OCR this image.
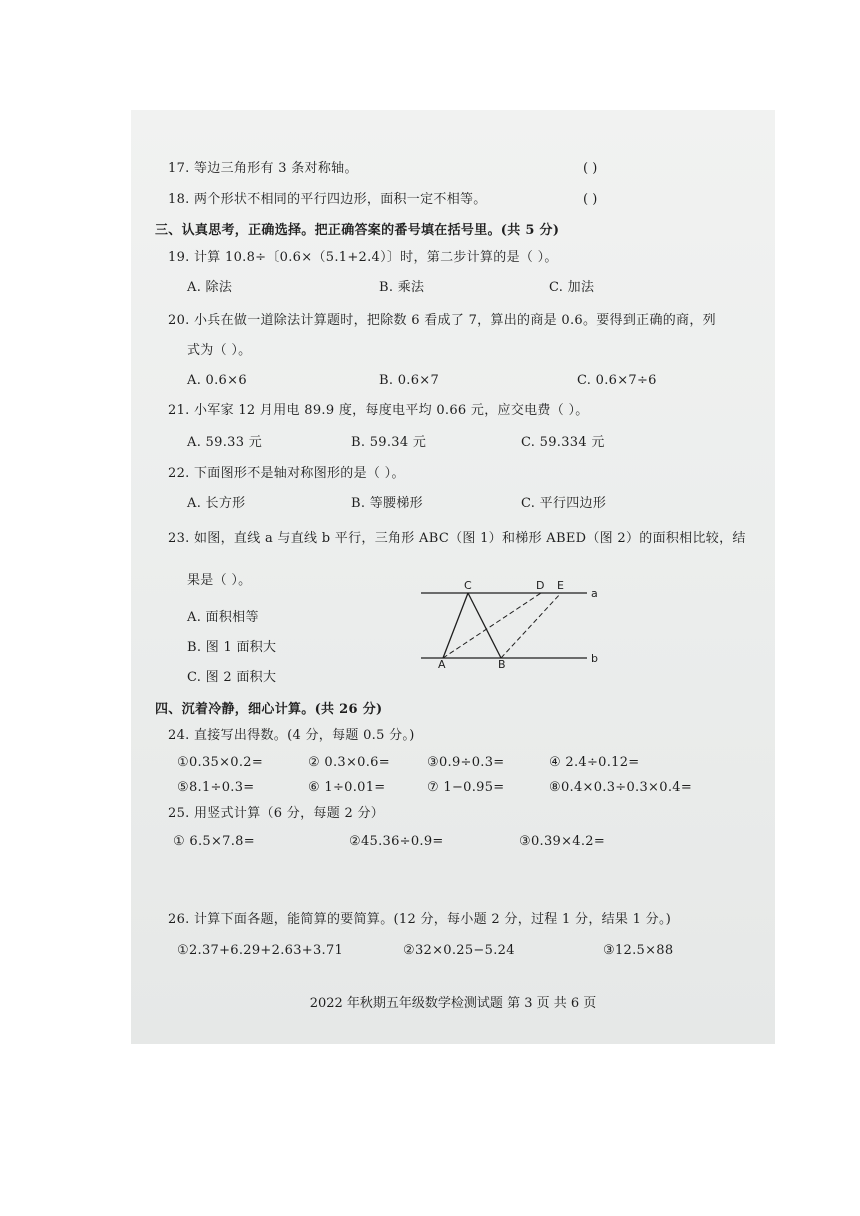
17. 等边三角形有 3 条对称轴。	( )
18. 两个形状不相同的平行四边形，面积一定不相等。	( )
三、认真思考，正确选择。把正确答案的番号填在括号里。(共 5 分)
19. 计算 10.8÷〔0.6×（5.1+2.4）〕时，第二步计算的是（ ）。
A. 除法	B. 乘法	C. 加法
20. 小兵在做一道除法计算题时，把除数 6 看成了 7，算出的商是 0.6。要得到正确的商，列
式为（ ）。
A. 0.6×6	B. 0.6×7	C. 0.6×7÷6
21. 小军家 12 月用电 89.9 度，每度电平均 0.66 元，应交电费（ ）。
A. 59.33 元	B. 59.34 元	C. 59.334 元
22. 下面图形不是轴对称图形的是（ ）。
A. 长方形	B. 等腰梯形	C. 平行四边形
23. 如图，直线 a 与直线 b 平行，三角形 ABC（图 1）和梯形 ABED（图 2）的面积相比较，结
果是（ ）。
A. 面积相等
B. 图 1 面积大
C. 图 2 面积大
C	D E
a
A	B	b
四、沉着冷静，细心计算。(共 26 分)
24. 直接写出得数。(4 分，每题 0.5 分。)
①0.35×0.2=	② 0.3×0.6=	③0.9÷0.3=	④ 2.4÷0.12=
⑤8.1÷0.3=	⑥ 1÷0.01=	⑦ 1−0.95=	⑧0.4×0.3÷0.3×0.4=
25. 用竖式计算（6 分，每题 2 分）
① 6.5×7.8=	②45.36÷0.9=	③0.39×4.2=
26. 计算下面各题，能简算的要简算。(12 分，每小题 2 分，过程 1 分，结果 1 分。)
①2.37+6.29+2.63+3.71	②32×0.25−5.24	③12.5×88
2022 年秋期五年级数学检测试题 第 3 页 共 6 页
